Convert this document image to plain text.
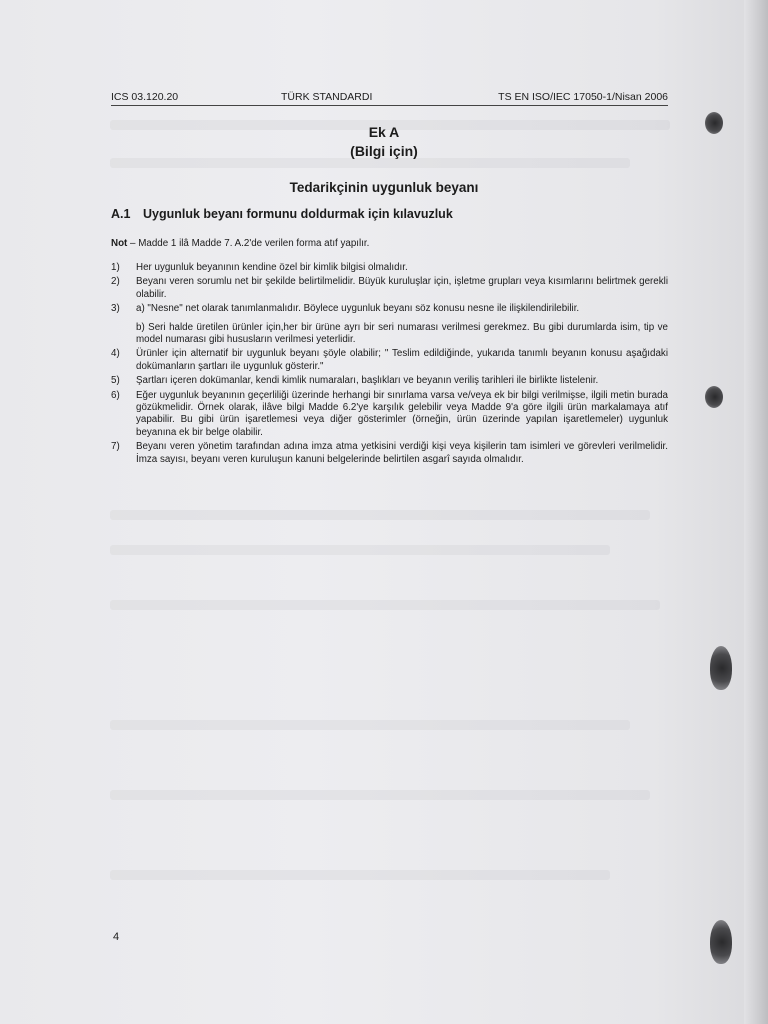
ICS 03.120.20	TÜRK STANDARDI	TS EN ISO/IEC 17050-1/Nisan 2006
Ek A
(Bilgi için)
Tedarikçinin uygunluk beyanı
A.1 Uygunluk beyanı formunu doldurmak için kılavuzluk
Not – Madde 1 ilâ Madde 7. A.2'de verilen forma atıf yapılır.
1) Her uygunluk beyanının kendine özel bir kimlik bilgisi olmalıdır.

2) Beyanı veren sorumlu net bir şekilde belirtilmelidir. Büyük kuruluşlar için, işletme grupları veya kısımlarını belirtmek gerekli olabilir.

3) a) "Nesne" net olarak tanımlanmalıdır. Böylece uygunluk beyanı söz konusu nesne ile ilişkilendirilebilir.

b) Seri halde üretilen ürünler için,her bir ürüne ayrı bir seri numarası verilmesi gerekmez. Bu gibi durumlarda isim, tip ve model numarası gibi hususların verilmesi yeterlidir.

4) Ürünler için alternatif bir uygunluk beyanı şöyle olabilir; " Teslim edildiğinde, yukarıda tanımlı beyanın konusu aşağıdaki dokümanların şartları ile uygunluk gösterir."

5) Şartları içeren dokümanlar, kendi kimlik numaraları, başlıkları ve beyanın veriliş tarihleri ile birlikte listelenir.

6) Eğer uygunluk beyanının geçerliliği üzerinde herhangi bir sınırlama varsa ve/veya ek bir bilgi verilmişse, ilgili metin burada gözükmelidir. Örnek olarak, ilâve bilgi Madde 6.2'ye karşılık gelebilir veya Madde 9'a göre ilgili ürün markalamaya atıf yapabilir. Bu gibi ürün işaretlemesi veya diğer gösterimler (örneğin, ürün üzerinde yapılan işaretlemeler) uygunluk beyanına ek bir belge olabilir.

7) Beyanı veren yönetim tarafından adına imza atma yetkisini verdiği kişi veya kişilerin tam isimleri ve görevleri verilmelidir. İmza sayısı, beyanı veren kuruluşun kanuni belgelerinde belirtilen asgarî sayıda olmalıdır.

4
